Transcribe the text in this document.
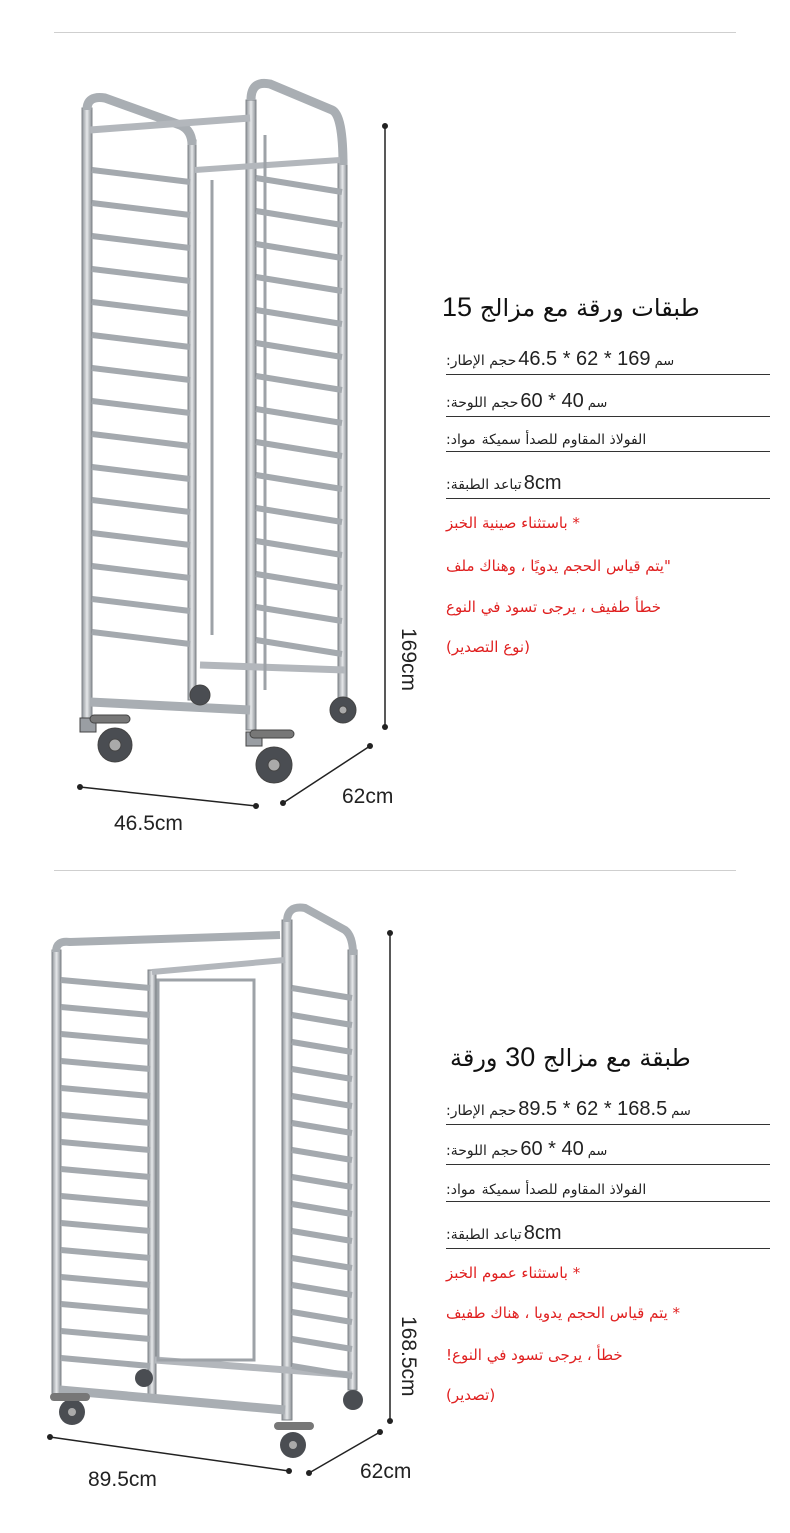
169cm
46.5cm
62cm
طبقات ورقة مع مزالج 15
حجم الإطار: 46.5 * 62 * 169 سم
حجم اللوحة: 60 * 40 سم
مواد: الفولاذ المقاوم للصدأ سميكة
تباعد الطبقة: 8cm
* باستثناء صينية الخبز
"يتم قياس الحجم يدويًا ، وهناك ملف
خطأ طفيف ، يرجى تسود في النوع
(نوع التصدير)
168.5cm
89.5cm	62cm
ورقة 30 طبقة مع مزالج
حجم الإطار: 89.5 * 62 * 168.5 سم
حجم اللوحة: 60 * 40 سم
مواد: الفولاذ المقاوم للصدأ سميكة
تباعد الطبقة: 8cm
* باستثناء عموم الخبز
* يتم قياس الحجم يدويا ، هناك طفيف
خطأ ، يرجى تسود في النوع!
(تصدير)
